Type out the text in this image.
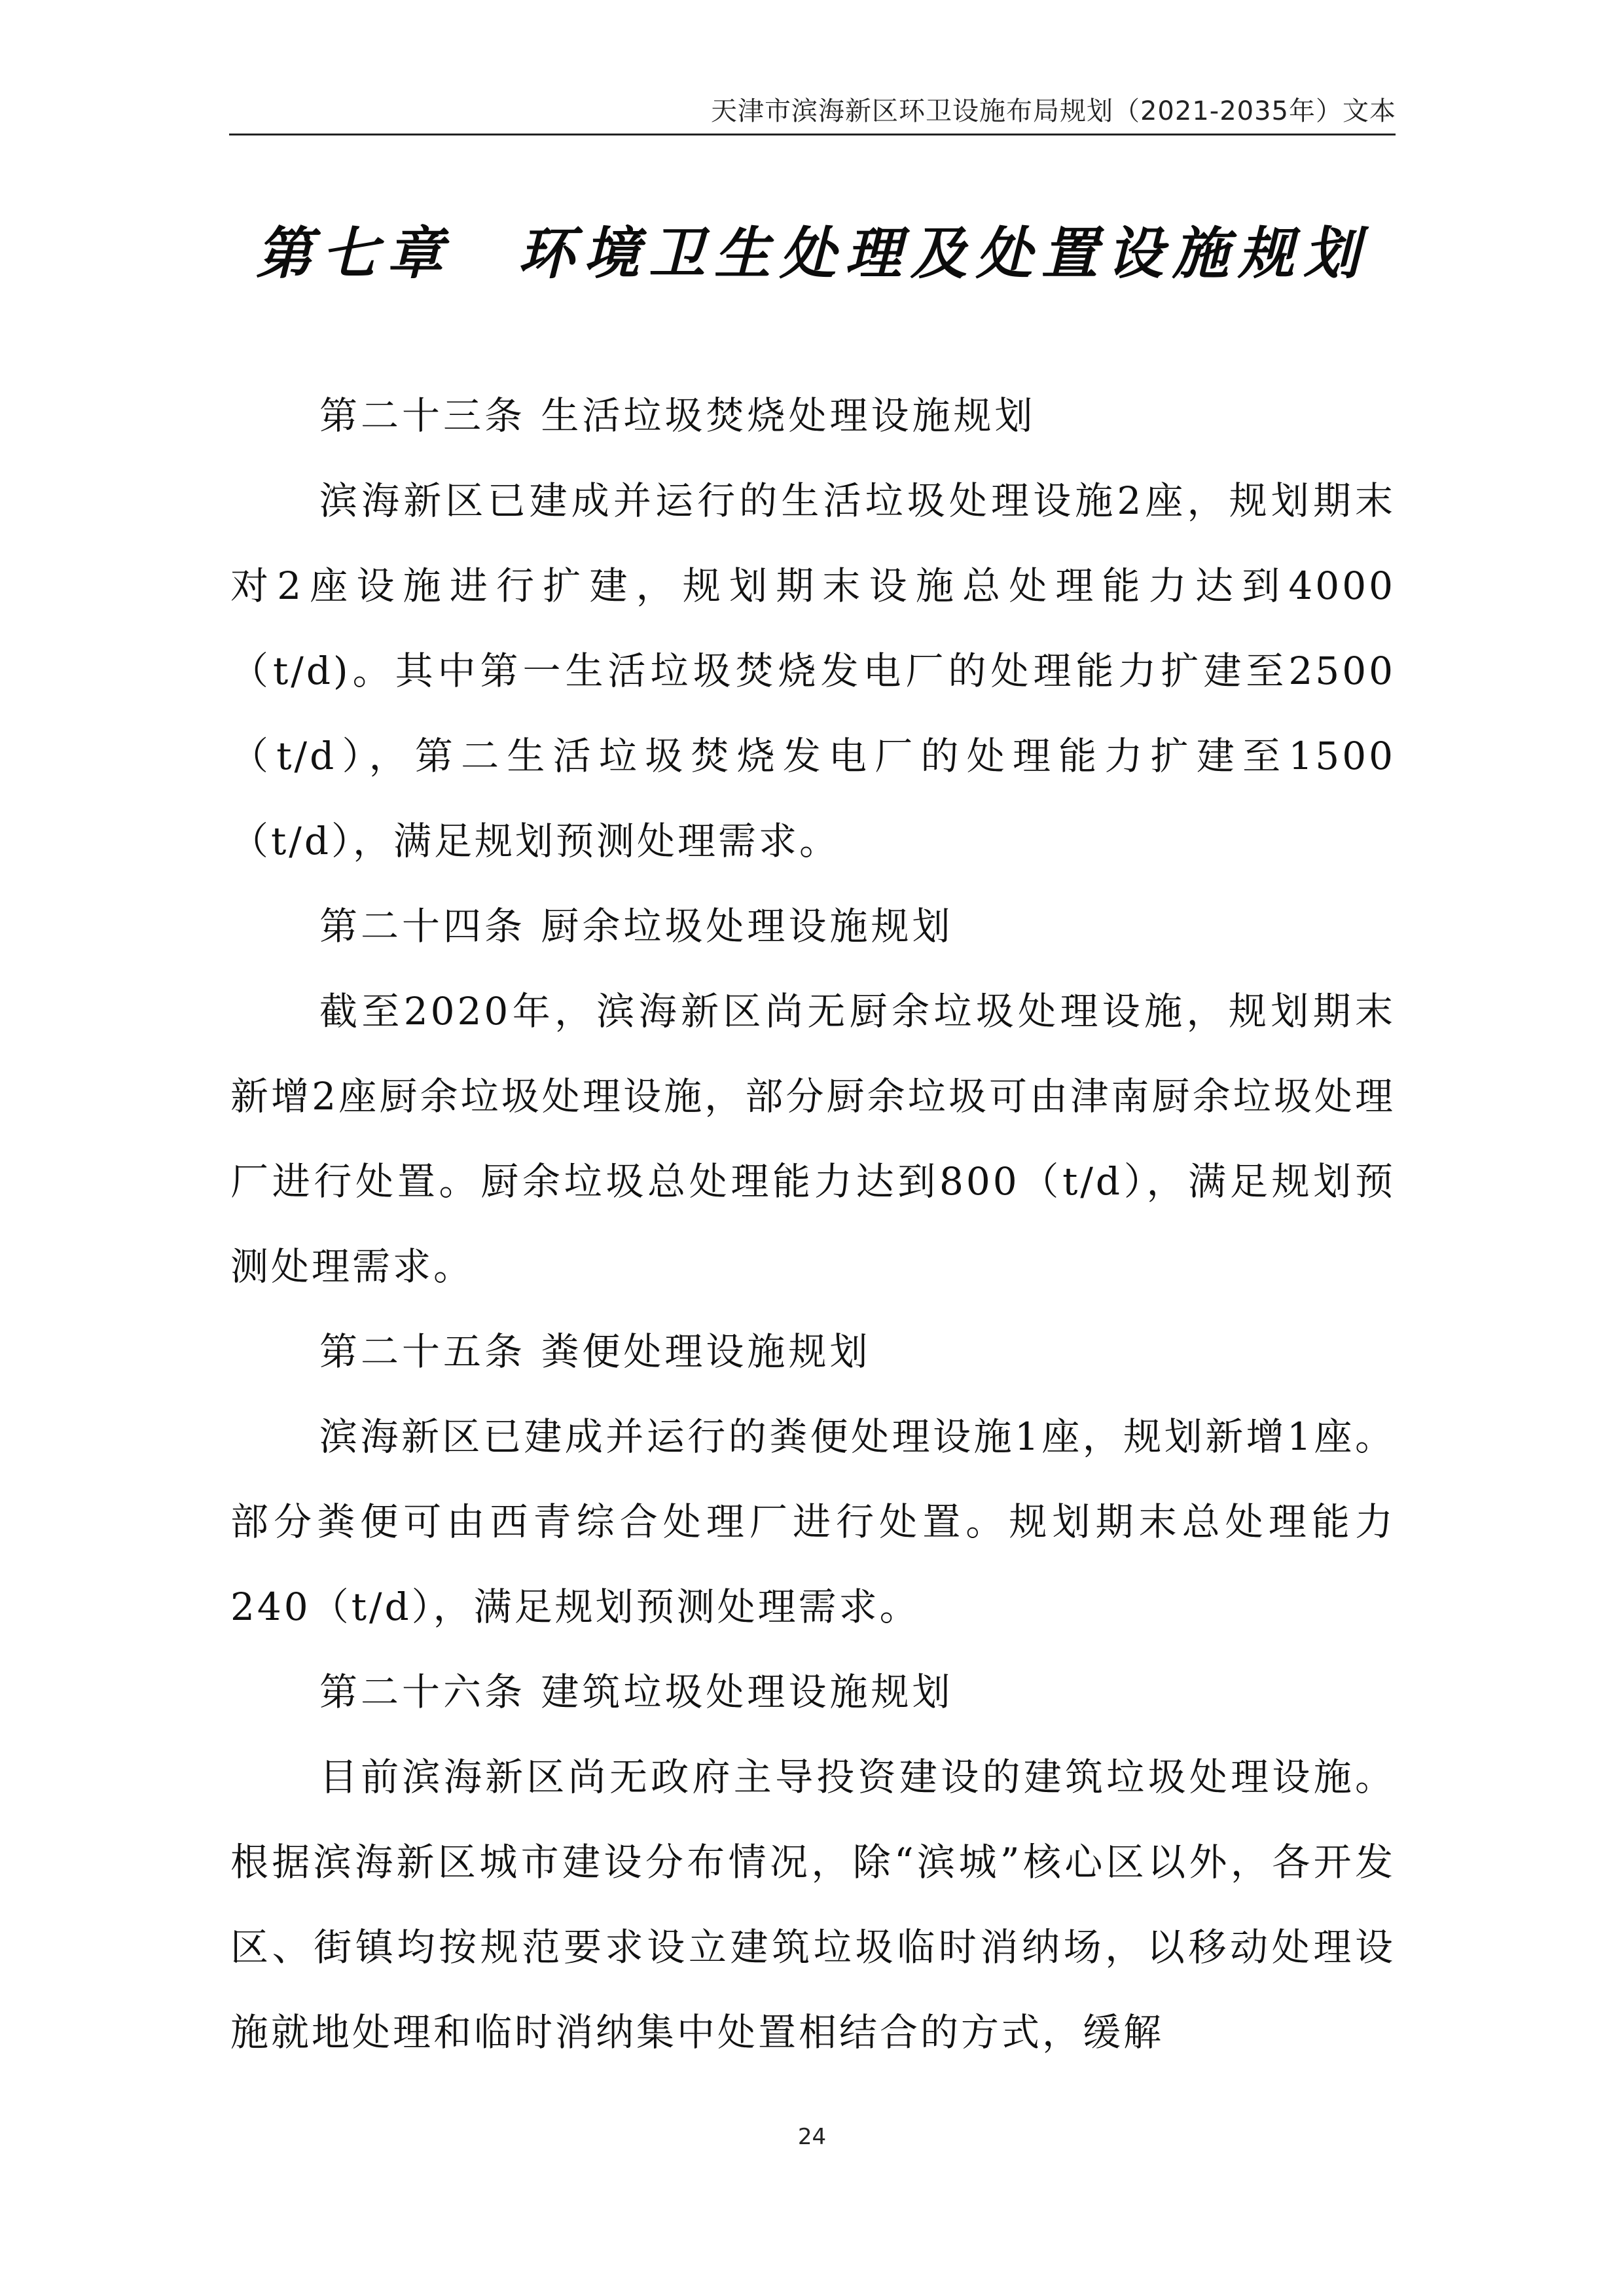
天津市滨海新区环卫设施布局规划（2021-2035年）文本
第七章　环境卫生处理及处置设施规划
第二十三条 生活垃圾焚烧处理设施规划

滨海新区已建成并运行的生活垃圾处理设施2座，规划期末对2座设施进行扩建，规划期末设施总处理能力达到4000（t/d)。其中第一生活垃圾焚烧发电厂的处理能力扩建至2500（t/d），第二生活垃圾焚烧发电厂的处理能力扩建至1500（t/d），满足规划预测处理需求。

第二十四条 厨余垃圾处理设施规划

截至2020年，滨海新区尚无厨余垃圾处理设施，规划期末新增2座厨余垃圾处理设施，部分厨余垃圾可由津南厨余垃圾处理厂进行处置。厨余垃圾总处理能力达到800（t/d），满足规划预测处理需求。

第二十五条 粪便处理设施规划

滨海新区已建成并运行的粪便处理设施1座，规划新增1座。部分粪便可由西青综合处理厂进行处置。规划期末总处理能力240（t/d），满足规划预测处理需求。

第二十六条 建筑垃圾处理设施规划

目前滨海新区尚无政府主导投资建设的建筑垃圾处理设施。根据滨海新区城市建设分布情况，除“滨城”核心区以外，各开发区、街镇均按规范要求设立建筑垃圾临时消纳场，以移动处理设施就地处理和临时消纳集中处置相结合的方式，缓解

24
